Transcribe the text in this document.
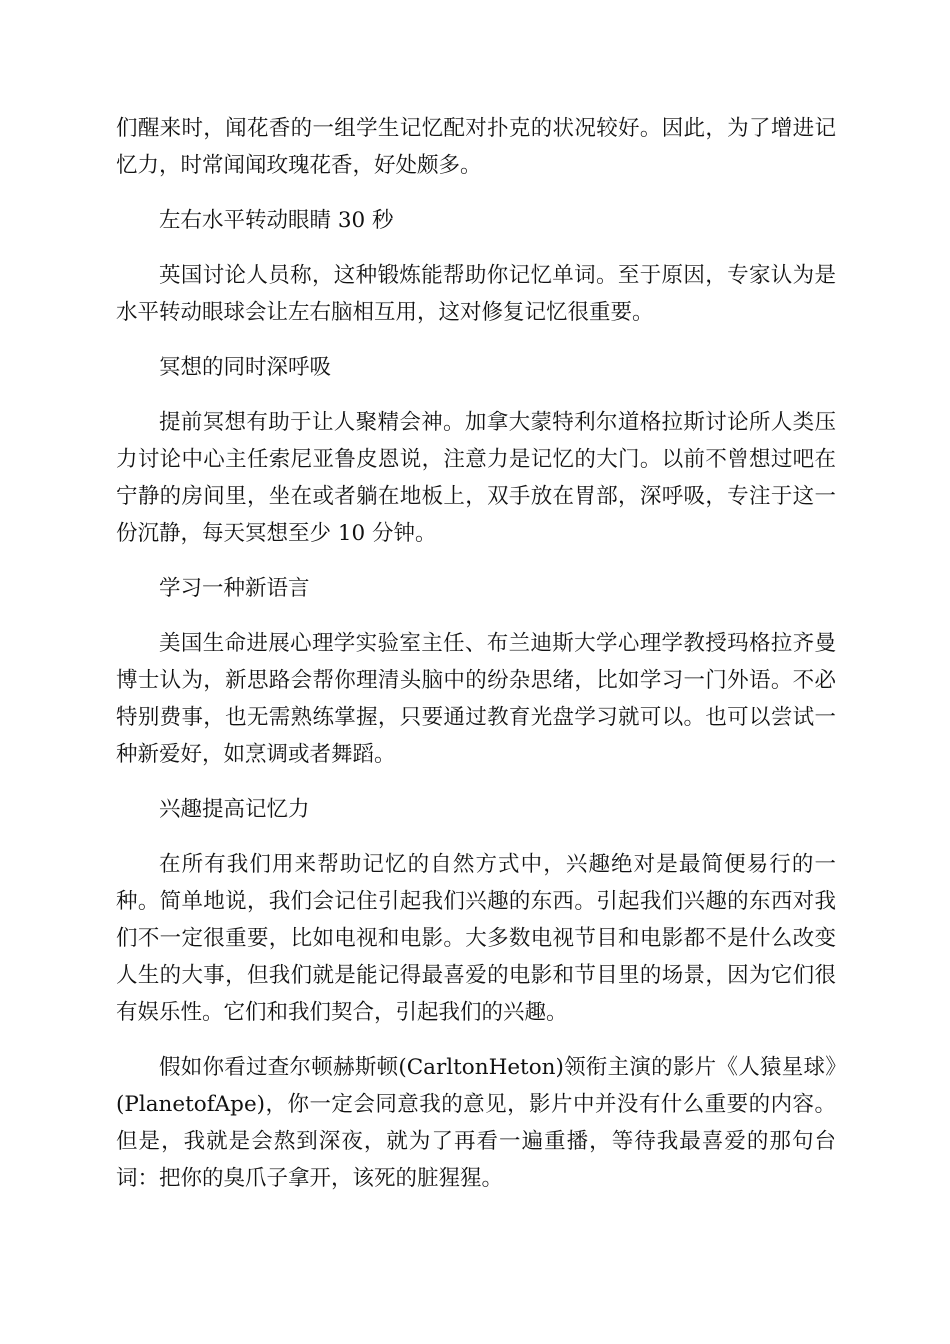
们醒来时，闻花香的一组学生记忆配对扑克的状况较好。因此，为了增进记忆力，时常闻闻玫瑰花香，好处颇多。

左右水平转动眼睛 30 秒

英国讨论人员称，这种锻炼能帮助你记忆单词。至于原因，专家认为是水平转动眼球会让左右脑相互用，这对修复记忆很重要。

冥想的同时深呼吸

提前冥想有助于让人聚精会神。加拿大蒙特利尔道格拉斯讨论所人类压力讨论中心主任索尼亚鲁皮恩说，注意力是记忆的大门。以前不曾想过吧在宁静的房间里，坐在或者躺在地板上，双手放在胃部，深呼吸，专注于这一份沉静，每天冥想至少 10 分钟。

学习一种新语言

美国生命进展心理学实验室主任、布兰迪斯大学心理学教授玛格拉齐曼博士认为，新思路会帮你理清头脑中的纷杂思绪，比如学习一门外语。不必特别费事，也无需熟练掌握，只要通过教育光盘学习就可以。也可以尝试一种新爱好，如烹调或者舞蹈。

兴趣提高记忆力

在所有我们用来帮助记忆的自然方式中，兴趣绝对是最简便易行的一种。简单地说，我们会记住引起我们兴趣的东西。引起我们兴趣的东西对我们不一定很重要，比如电视和电影。大多数电视节目和电影都不是什么改变人生的大事，但我们就是能记得最喜爱的电影和节目里的场景，因为它们很有娱乐性。它们和我们契合，引起我们的兴趣。

假如你看过查尔顿赫斯顿(CarltonHeton)领衔主演的影片《人猿星球》(PlanetofApe)，你一定会同意我的意见，影片中并没有什么重要的内容。但是，我就是会熬到深夜，就为了再看一遍重播，等待我最喜爱的那句台词：把你的臭爪子拿开，该死的脏猩猩。
